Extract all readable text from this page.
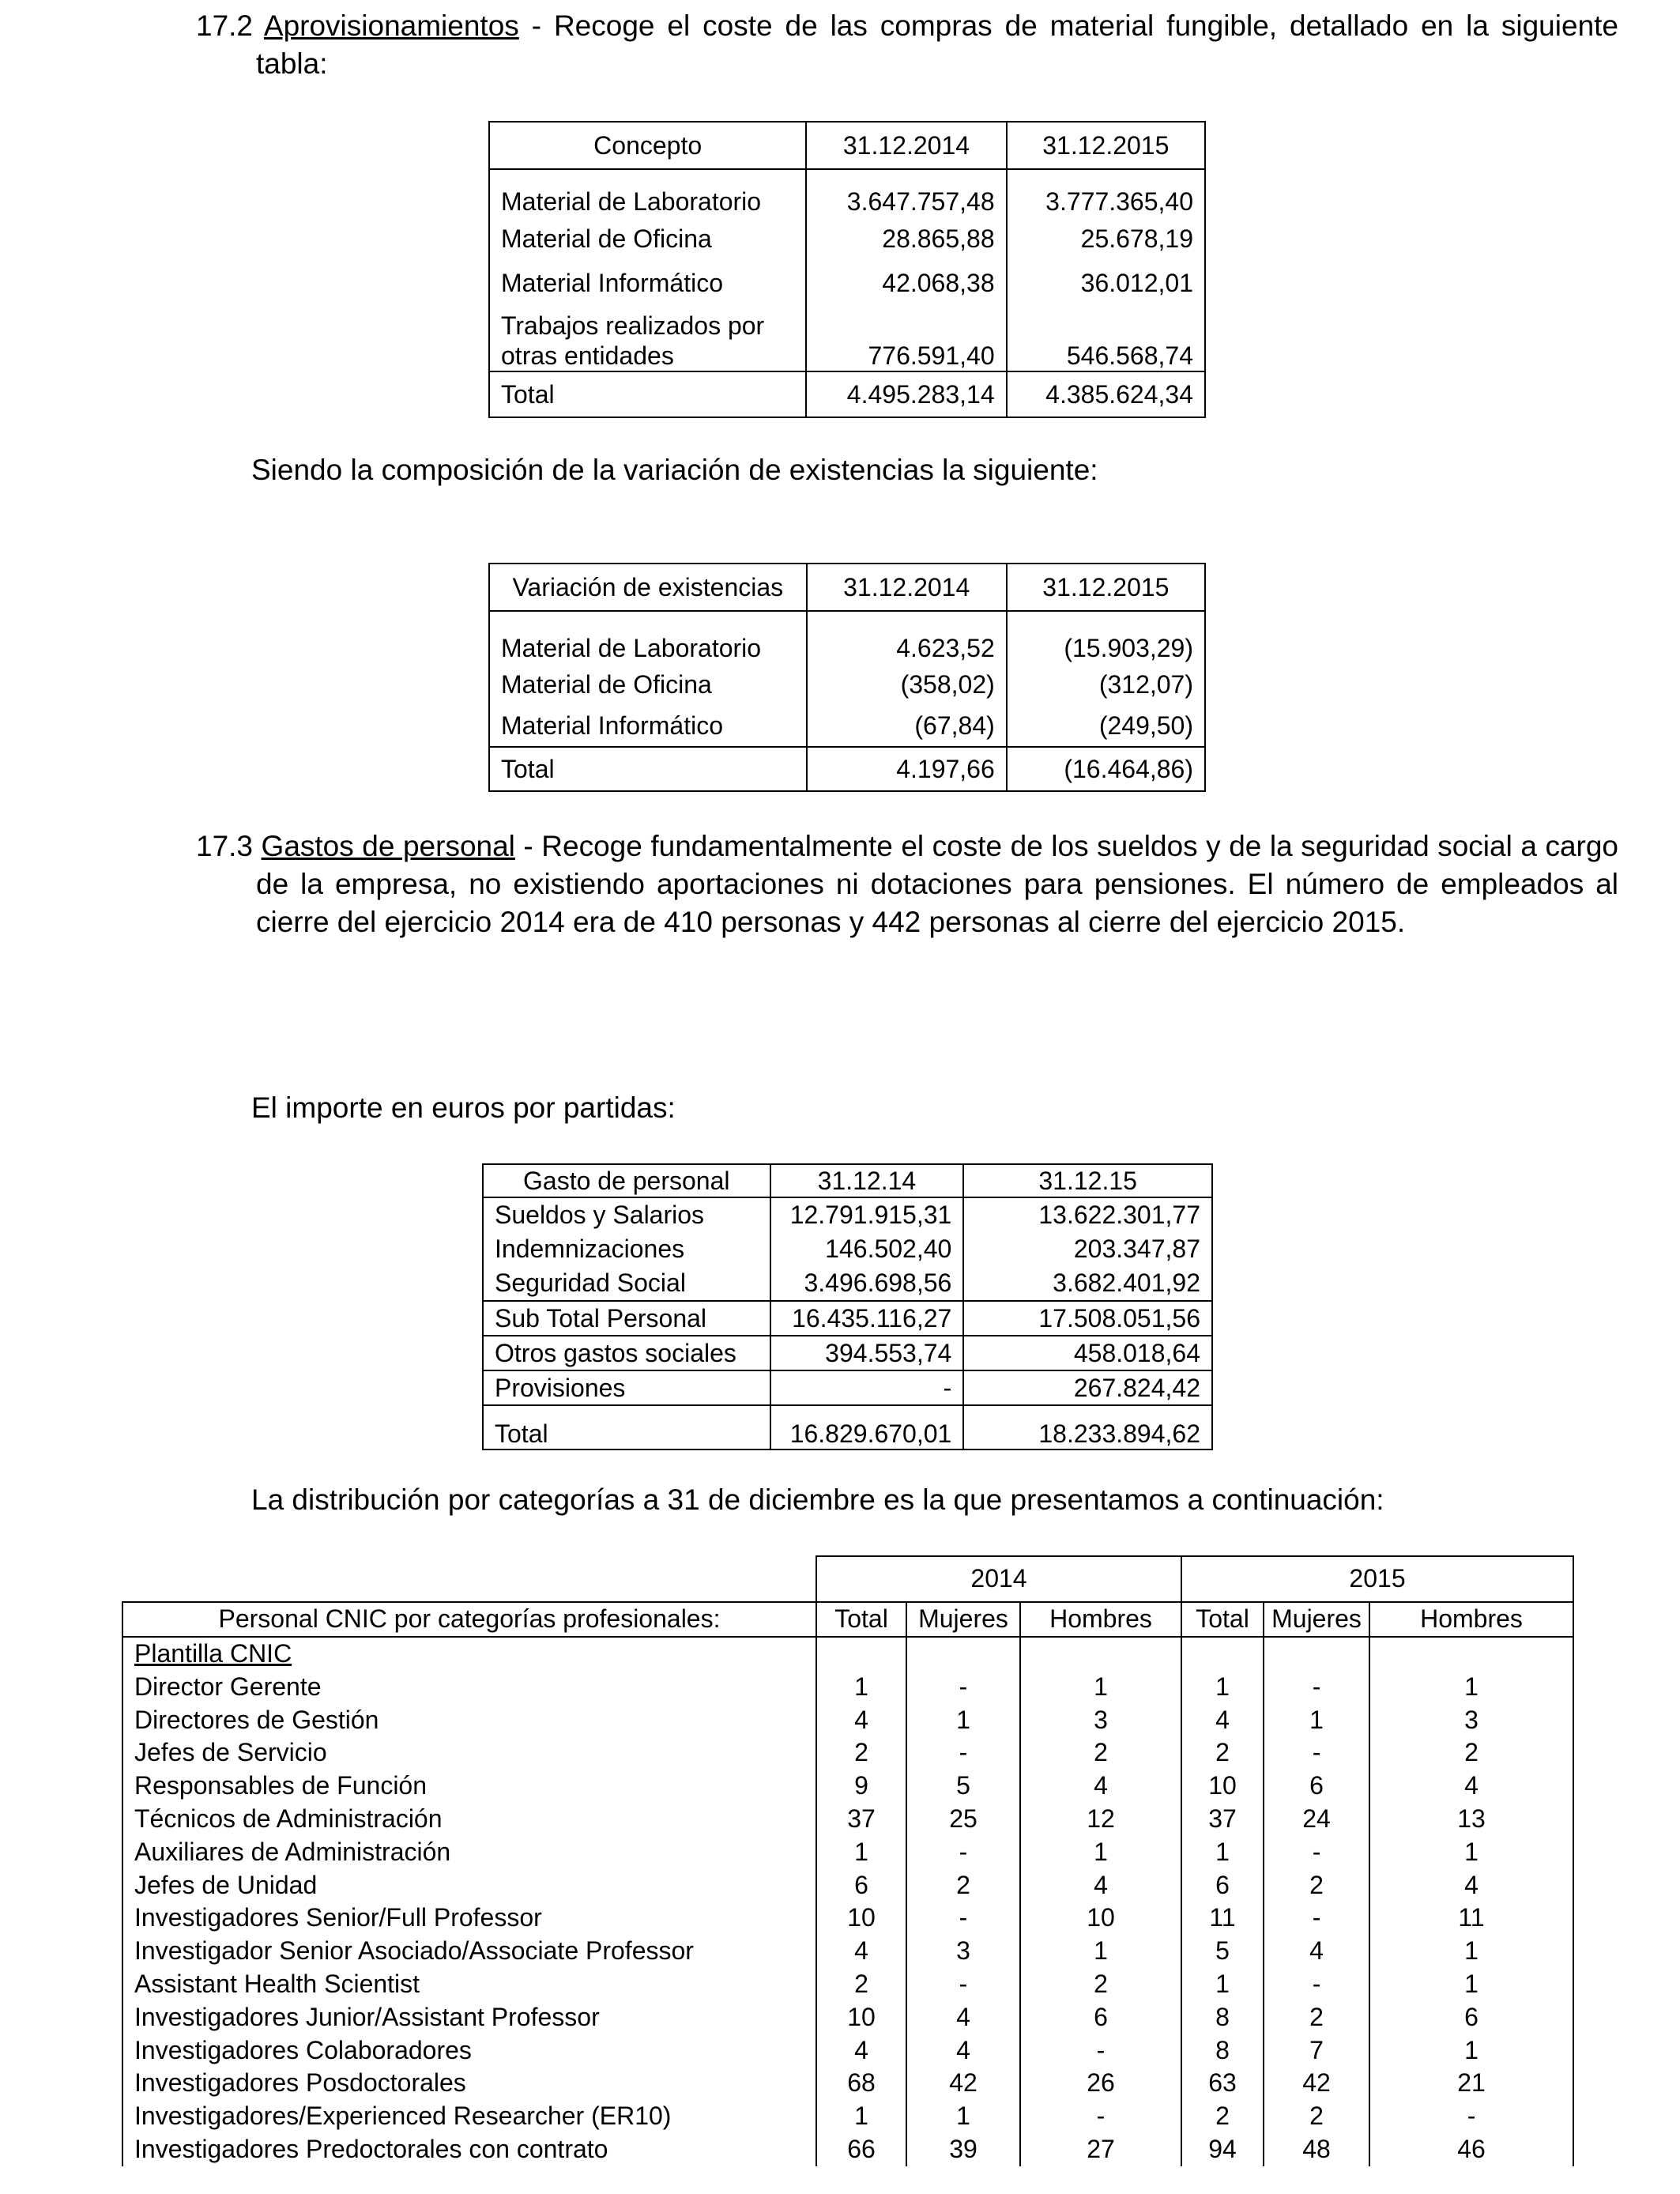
17.2 Aprovisionamientos - Recoge el coste de las compras de material fungible, detallado en la siguiente tabla:
Concepto	31.12.2014	31.12.2015
Material de Laboratorio	3.647.757,48	3.777.365,40
Material de Oficina	28.865,88	25.678,19
Material Informático	42.068,38	36.012,01

Trabajos realizados por
otras entidades	776.591,40	546.568,74
Total	4.495.283,14	4.385.624,34
Siendo la composición de la variación de existencias la siguiente:
Variación de existencias	31.12.2014	31.12.2015
Material de Laboratorio	4.623,52	(15.903,29)
Material de Oficina	(358,02)	(312,07)
Material Informático	(67,84)	(249,50)
Total	4.197,66	(16.464,86)
17.3 Gastos de personal - Recoge fundamentalmente el coste de los sueldos y de la seguridad social a cargo de la empresa, no existiendo aportaciones ni dotaciones para pensiones. El número de empleados al cierre del ejercicio 2014 era de 410 personas y 442 personas al cierre del ejercicio 2015.
El importe en euros por partidas:
Gasto de personal	31.12.14	31.12.15
Sueldos y Salarios	12.791.915,31	13.622.301,77
Indemnizaciones	146.502,40	203.347,87
Seguridad Social	3.496.698,56	3.682.401,92
Sub Total Personal	16.435.116,27	17.508.051,56
Otros gastos sociales	394.553,74	458.018,64
Provisiones	-	267.824,42
Total	16.829.670,01	18.233.894,62
La distribución por categorías a 31 de diciembre es la que presentamos a continuación:
	2014			2015		
Personal CNIC por categorías profesionales:	Total	Mujeres	Hombres	Total	Mujeres	Hombres
Plantilla CNIC						
Director Gerente	1	-	1	1	-	1
Directores de Gestión	4	1	3	4	1	3
Jefes de Servicio	2	-	2	2	-	2
Responsables de Función	9	5	4	10	6	4
Técnicos de Administración	37	25	12	37	24	13
Auxiliares de Administración	1	-	1	1	-	1
Jefes de Unidad	6	2	4	6	2	4
Investigadores Senior/Full Professor	10	-	10	11	-	11
Investigador Senior Asociado/Associate Professor	4	3	1	5	4	1
Assistant Health Scientist	2	-	2	1	-	1
Investigadores Junior/Assistant Professor	10	4	6	8	2	6
Investigadores Colaboradores	4	4	-	8	7	1
Investigadores Posdoctorales	68	42	26	63	42	21
Investigadores/Experienced Researcher (ER10)	1	1	-	2	2	-
Investigadores Predoctorales con contrato	66	39	27	94	48	46
